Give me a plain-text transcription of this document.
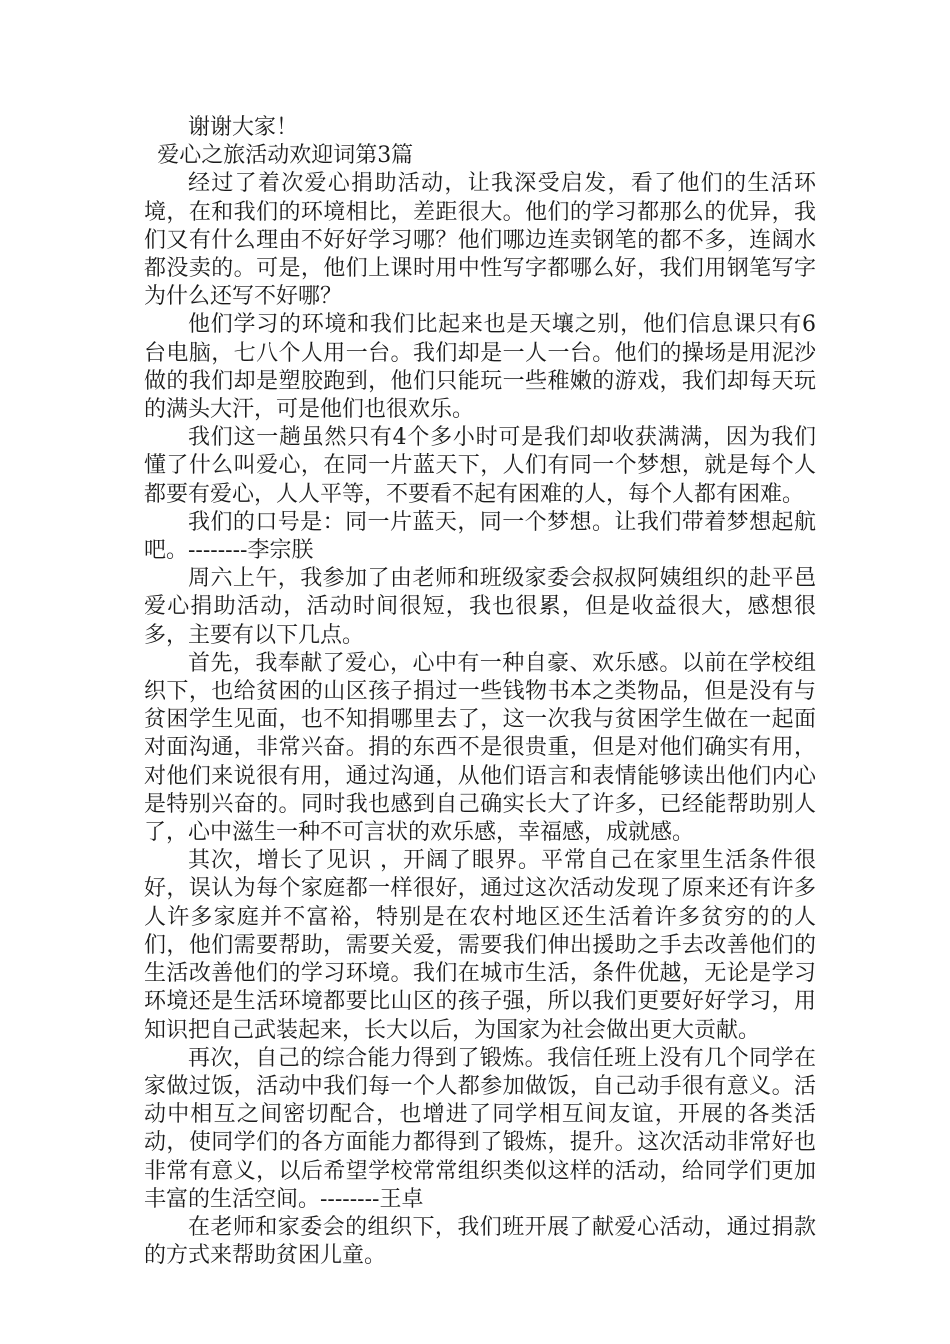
谢谢大家！

爱心之旅活动欢迎词第3篇

经过了着次爱心捐助活动，让我深受启发，看了他们的生活环境，在和我们的环境相比，差距很大。他们的学习都那么的优异，我们又有什么理由不好好学习哪？他们哪边连卖钢笔的都不多，连阔水都没卖的。可是，他们上课时用中性写字都哪么好，我们用钢笔写字为什么还写不好哪？

他们学习的环境和我们比起来也是天壤之别，他们信息课只有6台电脑，七八个人用一台。我们却是一人一台。他们的操场是用泥沙做的我们却是塑胶跑到，他们只能玩一些稚嫩的游戏，我们却每天玩的满头大汗，可是他们也很欢乐。

我们这一趟虽然只有4个多小时可是我们却收获满满，因为我们懂了什么叫爱心，在同一片蓝天下，人们有同一个梦想，就是每个人都要有爱心，人人平等，不要看不起有困难的人，每个人都有困难。

我们的口号是：同一片蓝天，同一个梦想。让我们带着梦想起航吧。--------李宗朕

周六上午，我参加了由老师和班级家委会叔叔阿姨组织的赴平邑爱心捐助活动，活动时间很短，我也很累，但是收益很大，感想很多，主要有以下几点。

首先，我奉献了爱心，心中有一种自豪、欢乐感。以前在学校组织下，也给贫困的山区孩子捐过一些钱物书本之类物品，但是没有与贫困学生见面，也不知捐哪里去了，这一次我与贫困学生做在一起面对面沟通，非常兴奋。捐的东西不是很贵重，但是对他们确实有用，对他们来说很有用，通过沟通，从他们语言和表情能够读出他们内心是特别兴奋的。同时我也感到自己确实长大了许多，已经能帮助别人了，心中滋生一种不可言状的欢乐感，幸福感，成就感。

其次，增长了见识 ，开阔了眼界。平常自己在家里生活条件很好，误认为每个家庭都一样很好，通过这次活动发现了原来还有许多人许多家庭并不富裕，特别是在农村地区还生活着许多贫穷的的人们，他们需要帮助，需要关爱，需要我们伸出援助之手去改善他们的生活改善他们的学习环境。我们在城市生活，条件优越，无论是学习环境还是生活环境都要比山区的孩子强，所以我们更要好好学习，用知识把自己武装起来，长大以后，为国家为社会做出更大贡献。

再次，自己的综合能力得到了锻炼。我信任班上没有几个同学在家做过饭，活动中我们每一个人都参加做饭，自己动手很有意义。活动中相互之间密切配合，也增进了同学相互间友谊，开展的各类活动，使同学们的各方面能力都得到了锻炼，提升。这次活动非常好也非常有意义，以后希望学校常常组织类似这样的活动，给同学们更加丰富的生活空间。--------王卓

在老师和家委会的组织下，我们班开展了献爱心活动，通过捐款的方式来帮助贫困儿童。
